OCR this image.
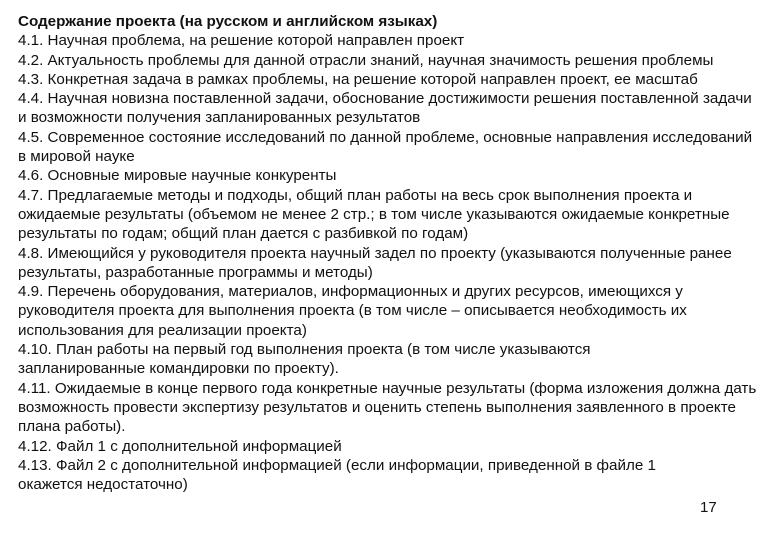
Содержание проекта (на русском и английском языках)

4.1. Научная проблема, на решение которой направлен проект

4.2. Актуальность проблемы для данной отрасли знаний, научная значимость решения проблемы

4.3. Конкретная задача в рамках проблемы, на решение которой направлен проект, ее масштаб

4.4. Научная новизна поставленной задачи, обоснование достижимости решения поставленной задачи и возможности получения запланированных результатов

4.5. Современное состояние исследований по данной проблеме, основные направления исследований в мировой науке

4.6. Основные мировые научные конкуренты

4.7. Предлагаемые методы и подходы, общий план работы на весь срок выполнения проекта и ожидаемые результаты (объемом не менее 2 стр.; в том числе указываются ожидаемые конкретные результаты по годам; общий план дается с разбивкой по годам)

4.8. Имеющийся у руководителя проекта научный задел по проекту (указываются полученные ранее результаты, разработанные программы и методы)

4.9. Перечень оборудования, материалов, информационных и других ресурсов, имеющихся у руководителя проекта для выполнения проекта (в том числе – описывается необходимость их использования для реализации проекта)

4.10. План работы на первый год выполнения проекта (в том числе указываются запланированные командировки по проекту).

4.11. Ожидаемые в конце первого года конкретные научные результаты (форма изложения должна дать возможность провести экспертизу результатов и оценить степень выполнения заявленного в проекте плана работы).

4.12. Файл 1 с дополнительной информацией

4.13. Файл 2 с дополнительной информацией (если информации, приведенной в файле 1 окажется недостаточно)

17
